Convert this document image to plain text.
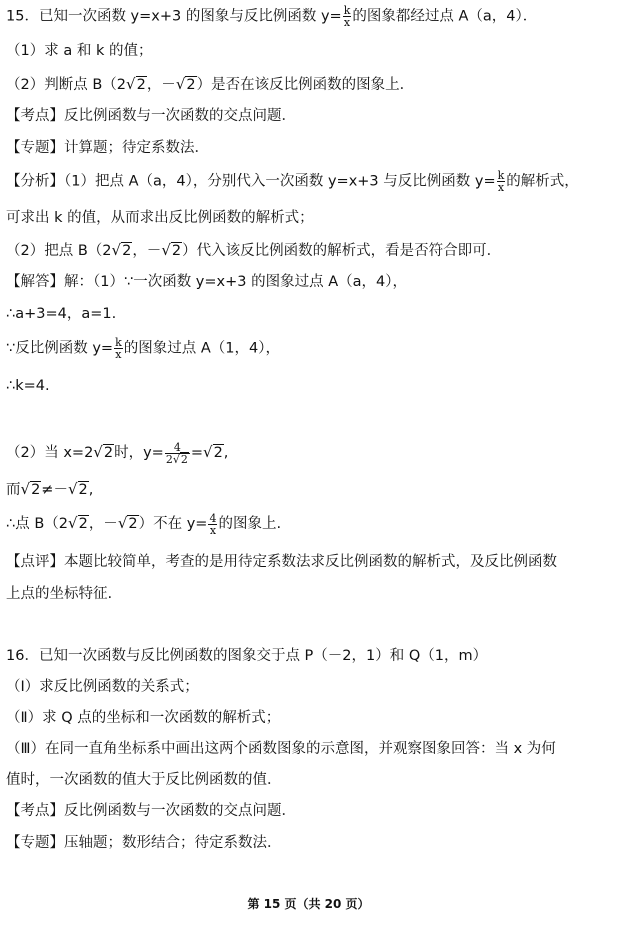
15．已知一次函数 y=x+3 的图象与反比例函数 $y= \frac{k}{x}$ 的图象都经过点 A（a，4）．
（1）求 a 和 k 的值；
（2）判断点 B（2√2，－√2）是否在该反比例函数的图象上．
【考点】反比例函数与一次函数的交点问题．
【专题】计算题；待定系数法．
【分析】（1）把点 A（a，4），分别代入一次函数 y=x+3 与反比例函数 $y= \frac{k}{x}$ 的解析式，
可求出 k 的值，从而求出反比例函数的解析式；
（2）把点 B（2√2，－√2）代入该反比例函数的解析式，看是否符合即可．
【解答】解：（1）∵一次函数 y=x+3 的图象过点 A（a，4），
∴a+3=4，a=1.
∵反比例函数 $y= \frac{k}{x}$ 的图象过点 A（1，4），
∴k=4.
（2）当 x=2√2时，$y= \frac{4}{2√2} =√2$,
而√2≠－√2,
∴点 B（2√2，－√2）不在 $y= \frac{4}{x}$ 的图象上.
【点评】本题比较简单，考查的是用待定系数法求反比例函数的解析式，及反比例函数
上点的坐标特征.
16．已知一次函数与反比例函数的图象交于点 P（－2，1）和 Q（1，m）
（Ⅰ）求反比例函数的关系式；
（Ⅱ）求 Q 点的坐标和一次函数的解析式；
（Ⅲ）在同一直角坐标系中画出这两个函数图象的示意图，并观察图象回答：当 x 为何
值时，一次函数的值大于反比例函数的值．
【考点】反比例函数与一次函数的交点问题．
【专题】压轴题；数形结合；待定系数法．
第 15 页（共 20 页）
